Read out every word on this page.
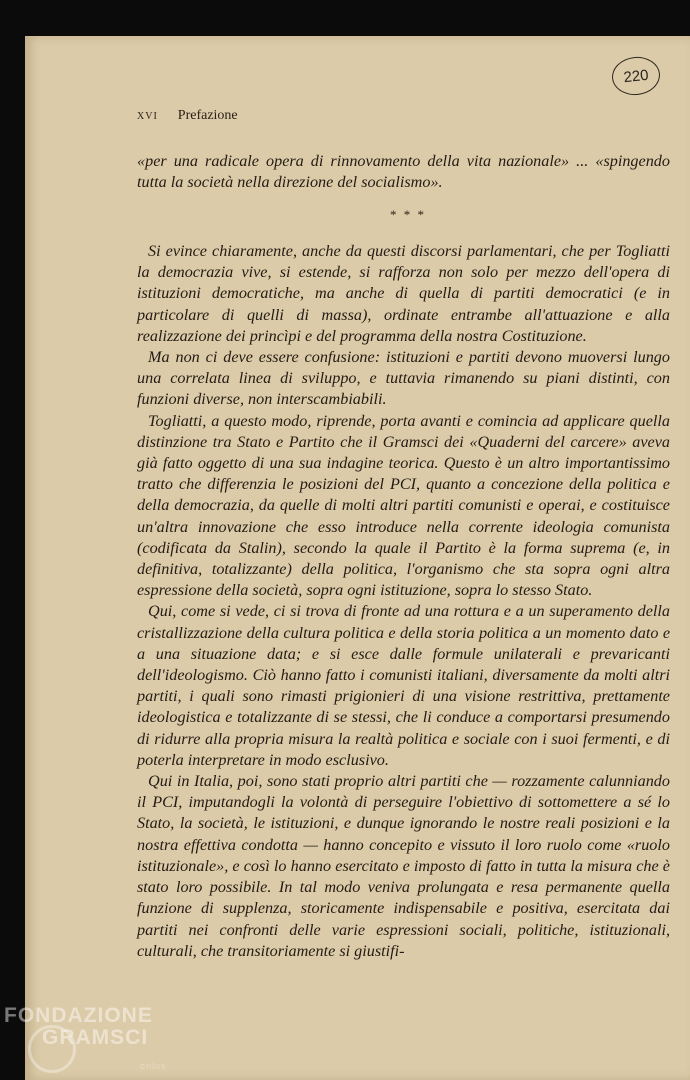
220
xvi Prefazione

«per una radicale opera di rinnovamento della vita nazionale» ... «spingendo tutta la società nella direzione del socialismo».

* * *

Si evince chiaramente, anche da questi discorsi parlamentari, che per Togliatti la democrazia vive, si estende, si rafforza non solo per mezzo dell'opera di istituzioni democratiche, ma anche di quella di partiti democratici (e in particolare di quelli di massa), ordinate entrambe all'attuazione e alla realizzazione dei princìpi e del programma della nostra Costituzione.

Ma non ci deve essere confusione: istituzioni e partiti devono muoversi lungo una correlata linea di sviluppo, e tuttavia rimanendo su piani distinti, con funzioni diverse, non interscambiabili.

Togliatti, a questo modo, riprende, porta avanti e comincia ad applicare quella distinzione tra Stato e Partito che il Gramsci dei «Quaderni del carcere» aveva già fatto oggetto di una sua indagine teorica. Questo è un altro importantissimo tratto che differenzia le posizioni del PCI, quanto a concezione della politica e della democrazia, da quelle di molti altri partiti comunisti e operai, e costituisce un'altra innovazione che esso introduce nella corrente ideologia comunista (codificata da Stalin), secondo la quale il Partito è la forma suprema (e, in definitiva, totalizzante) della politica, l'organismo che sta sopra ogni altra espressione della società, sopra ogni istituzione, sopra lo stesso Stato.

Qui, come si vede, ci si trova di fronte ad una rottura e a un superamento della cristallizzazione della cultura politica e della storia politica a un momento dato e a una situazione data; e si esce dalle formule unilaterali e prevaricanti dell'ideologismo. Ciò hanno fatto i comunisti italiani, diversamente da molti altri partiti, i quali sono rimasti prigionieri di una visione restrittiva, prettamente ideologistica e totalizzante di se stessi, che li conduce a comportarsi presumendo di ridurre alla propria misura la realtà politica e sociale con i suoi fermenti, e di poterla interpretare in modo esclusivo.

Qui in Italia, poi, sono stati proprio altri partiti che — rozzamente calunniando il PCI, imputandogli la volontà di perseguire l'obiettivo di sottomettere a sé lo Stato, la società, le istituzioni, e dunque ignorando le nostre reali posizioni e la nostra effettiva condotta — hanno concepito e vissuto il loro ruolo come «ruolo istituzionale», e così lo hanno esercitato e imposto di fatto in tutta la misura che è stato loro possibile. In tal modo veniva prolungata e resa permanente quella funzione di supplenza, storicamente indispensabile e positiva, esercitata dai partiti nei confronti delle varie espressioni sociali, politiche, istituzionali, culturali, che transitoriamente si giustifi-

FONDAZIONE
GRAMSCI
onlus
